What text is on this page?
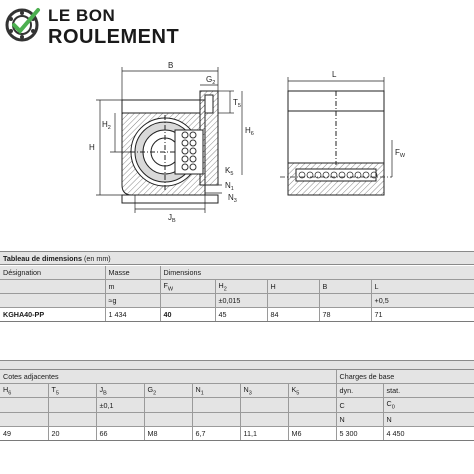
LE BON
ROULEMENT
B
$G_2$
$T_5$
$H_2$
H
$H_6$
$K_5$
$N_1$
$N_3$
$J_B$
L
$F_W$
Tableau de dimensions (en mm)
Désignation	Masse	Dimensions				
	m	$F_W$	$H_2$	H	B	L
	≈g		±0,015			+0,5
KGHA40-PP	1 434	40	45	84	78	71
Cotes adjacentes							Charges de base	
$H_6$	$T_5$	$J_B$	$G_2$	$N_1$	$N_3$	$K_5$	dyn.	stat.
		±0,1					C	$C_0$
							N	N
49	20	66	M8	6,7	11,1	M6	5 300	4 450
